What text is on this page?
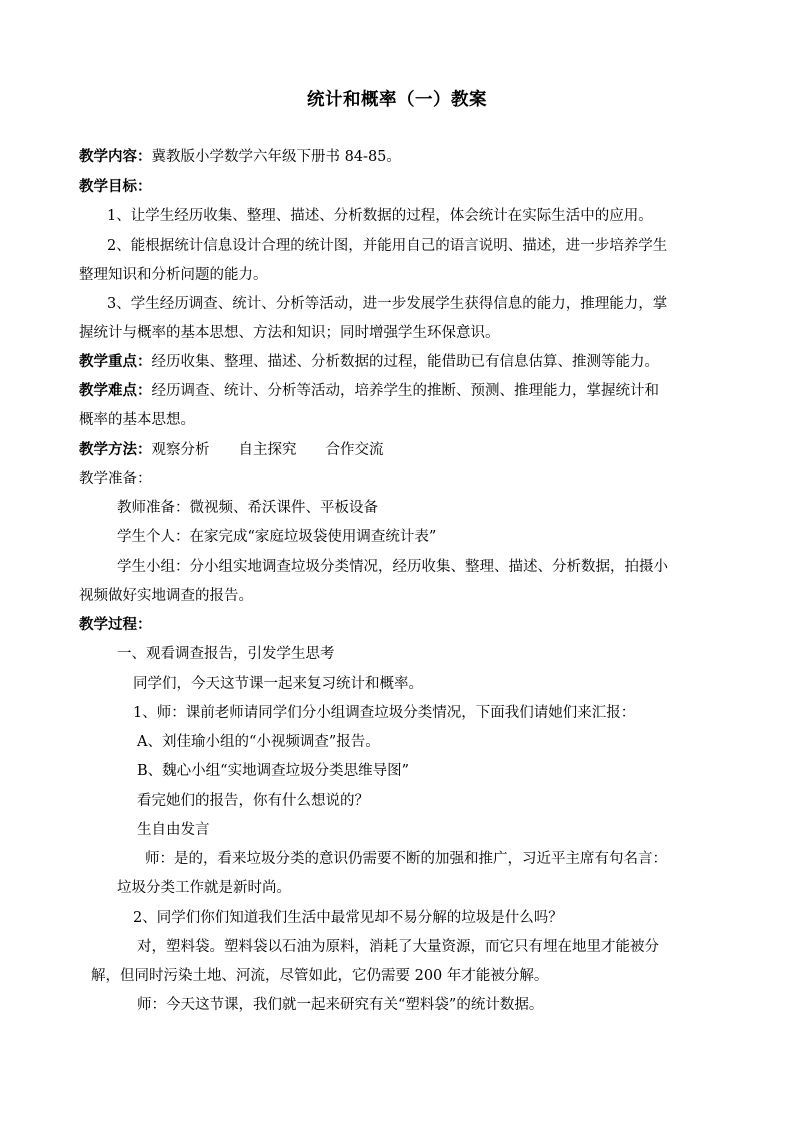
统计和概率（一）教案
教学内容：冀教版小学数学六年级下册书 84-85。
教学目标：
1、让学生经历收集、整理、描述、分析数据的过程，体会统计在实际生活中的应用。
2、能根据统计信息设计合理的统计图，并能用自己的语言说明、描述，进一步培养学生
整理知识和分析问题的能力。
3、学生经历调查、统计、分析等活动，进一步发展学生获得信息的能力，推理能力，掌
握统计与概率的基本思想、方法和知识；同时增强学生环保意识。
教学重点：经历收集、整理、描述、分析数据的过程，能借助已有信息估算、推测等能力。
教学难点：经历调查、统计、分析等活动，培养学生的推断、预测、推理能力，掌握统计和
概率的基本思想。
教学方法：观察分析　　自主探究　　合作交流
教学准备：
教师准备：微视频、希沃课件、平板设备
学生个人：在家完成“家庭垃圾袋使用调查统计表”
学生小组：分小组实地调查垃圾分类情况，经历收集、整理、描述、分析数据，拍摄小
视频做好实地调查的报告。
教学过程：
一、观看调查报告，引发学生思考
同学们，今天这节课一起来复习统计和概率。
1、师：课前老师请同学们分小组调查垃圾分类情况，下面我们请她们来汇报：
A、刘佳瑜小组的“小视频调查”报告。
B、魏心小组“实地调查垃圾分类思维导图”
看完她们的报告，你有什么想说的？
生自由发言
师：是的，看来垃圾分类的意识仍需要不断的加强和推广，习近平主席有句名言：
垃圾分类工作就是新时尚。
2、同学们你们知道我们生活中最常见却不易分解的垃圾是什么吗？
对，塑料袋。塑料袋以石油为原料，消耗了大量资源，而它只有埋在地里才能被分
解，但同时污染土地、河流，尽管如此，它仍需要 200 年才能被分解。
师：今天这节课，我们就一起来研究有关“塑料袋”的统计数据。
